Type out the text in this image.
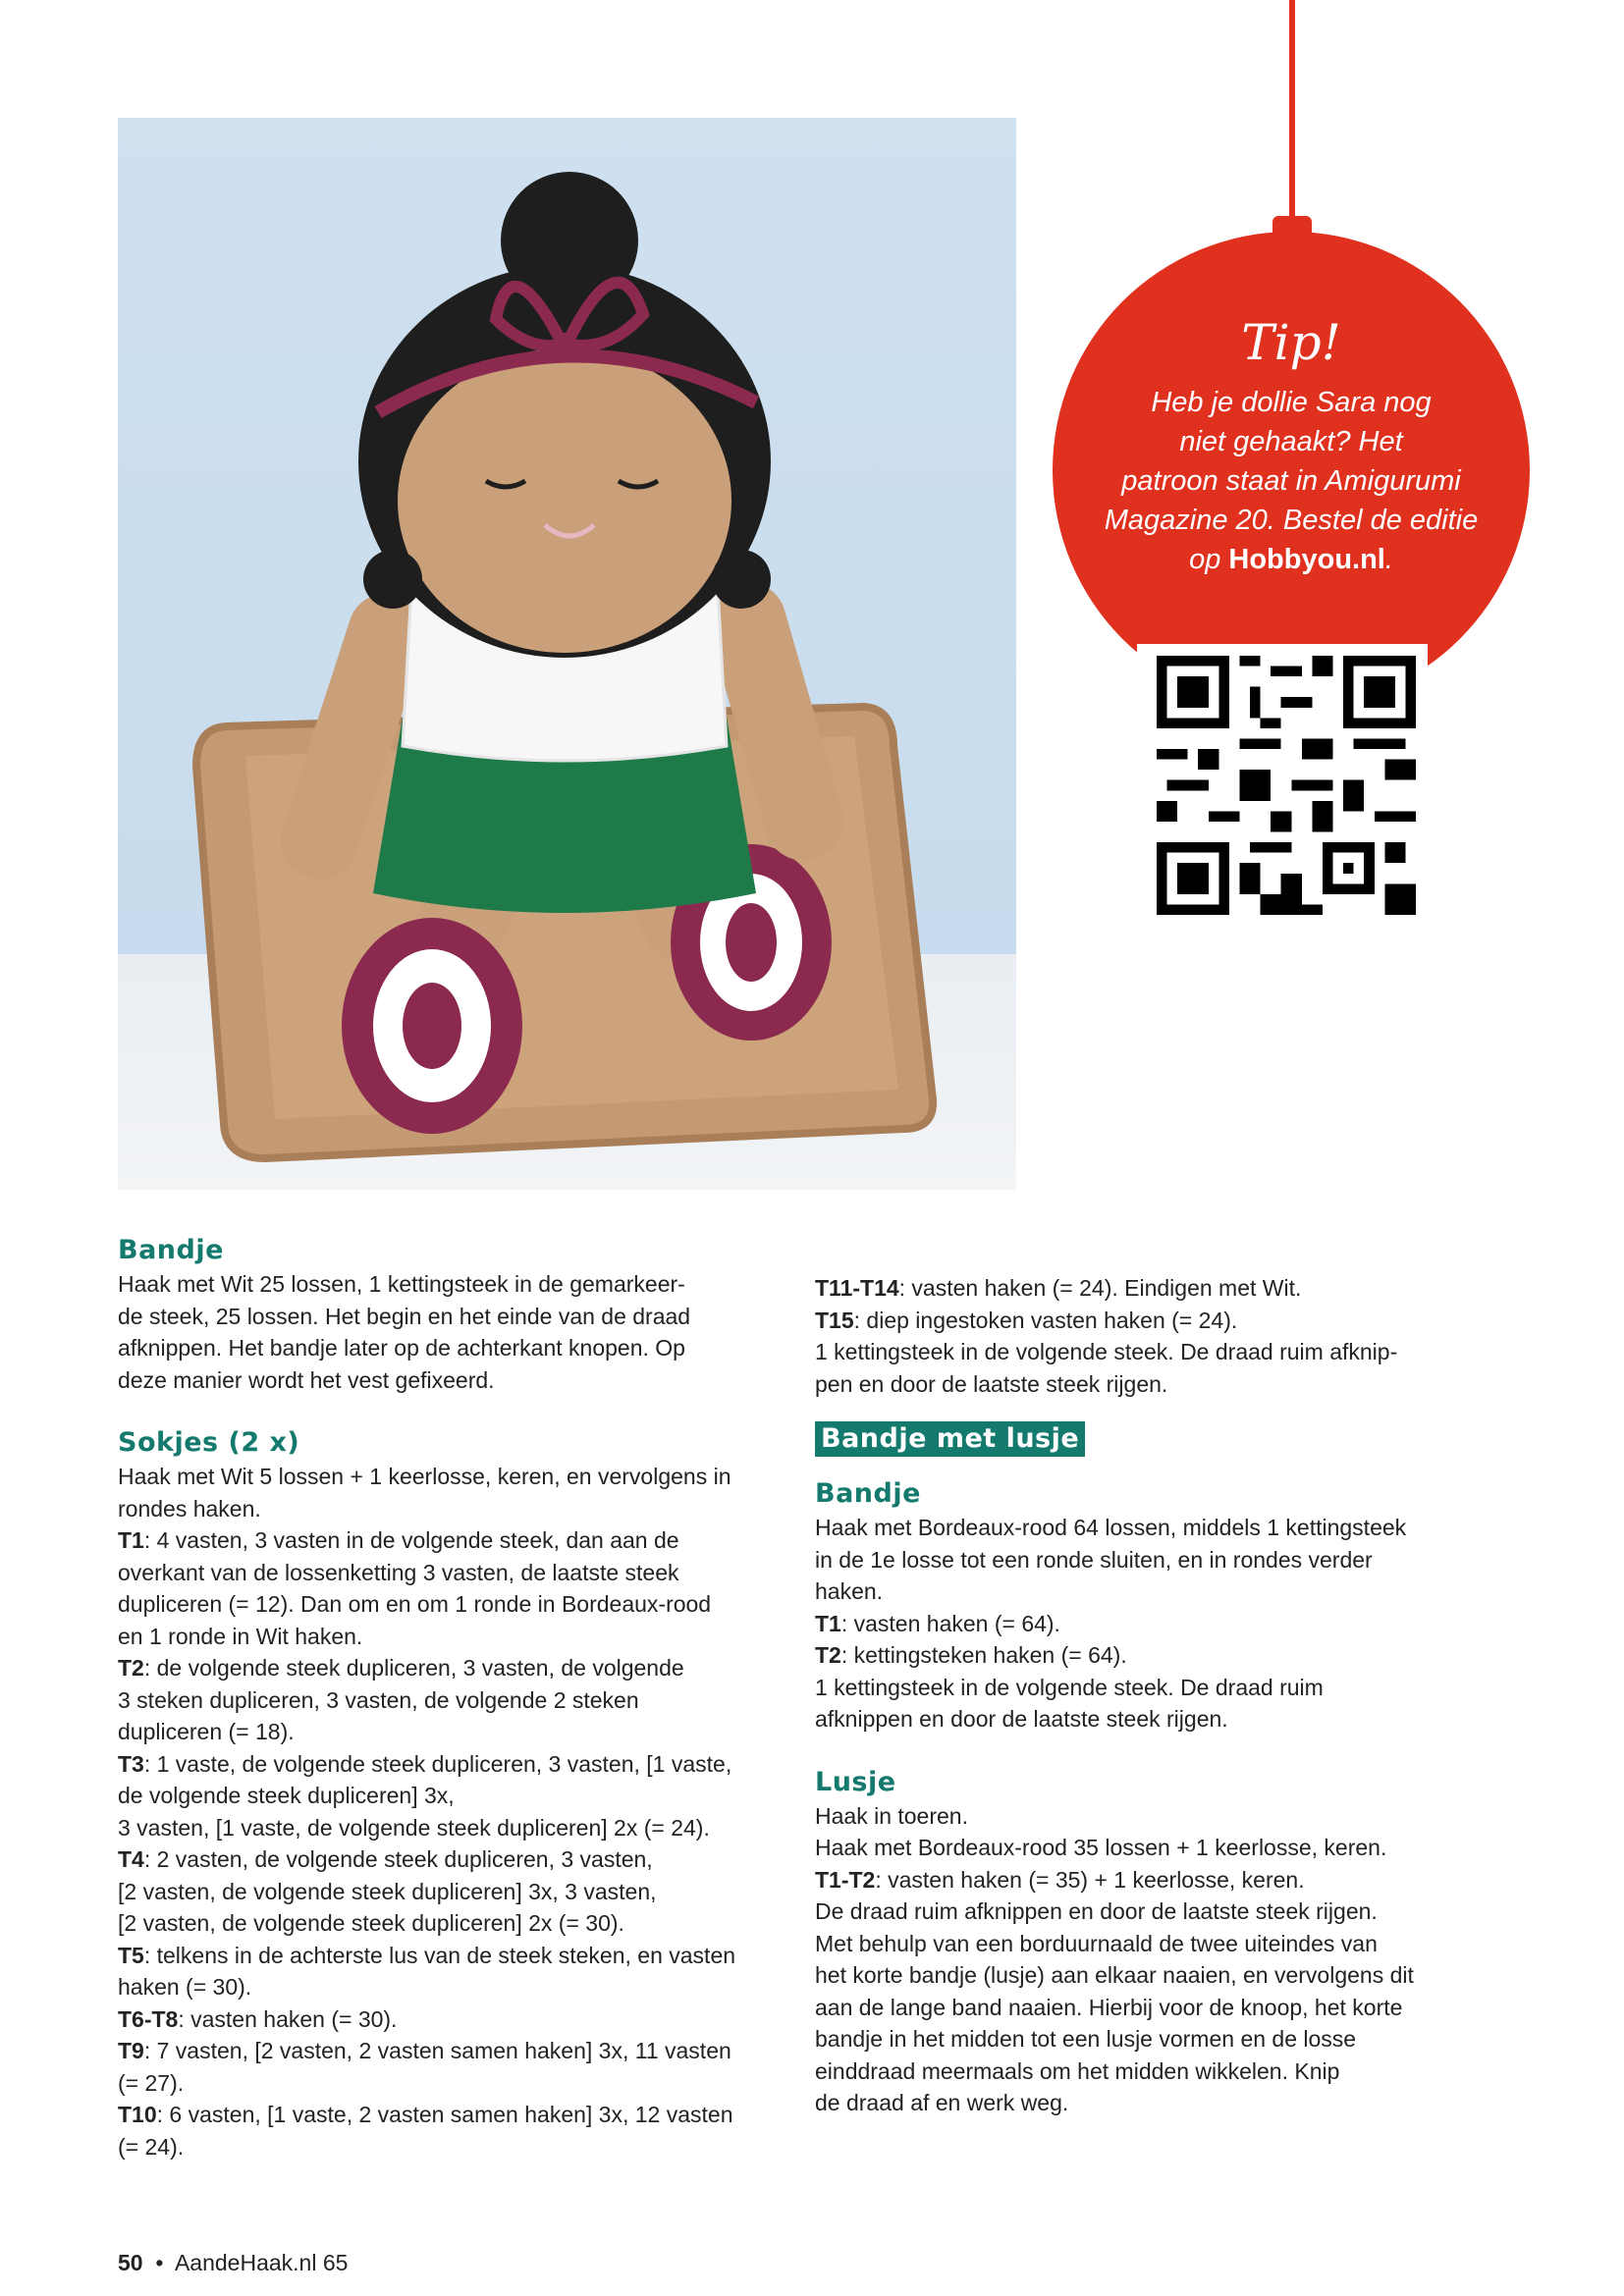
Tip!
Heb je dollie Sara nog
niet gehaakt? Het
patroon staat in Amigurumi
Magazine 20. Bestel de editie
op Hobbyou.nl.
Bandje

Haak met Wit 25 lossen, 1 kettingsteek in de gemarkeer-

de steek, 25 lossen. Het begin en het einde van de draad

afknippen. Het bandje later op de achterkant knopen. Op

deze manier wordt het vest gefixeerd.

Sokjes (2 x)

Haak met Wit 5 lossen + 1 keerlosse, keren, en vervolgens in

rondes haken.

T1: 4 vasten, 3 vasten in de volgende steek, dan aan de

overkant van de lossenketting 3 vasten, de laatste steek

dupliceren (= 12). Dan om en om 1 ronde in Bordeaux-rood

en 1 ronde in Wit haken.

T2: de volgende steek dupliceren, 3 vasten, de volgende

3 steken dupliceren, 3 vasten, de volgende 2 steken

dupliceren (= 18).

T3: 1 vaste, de volgende steek dupliceren, 3 vasten, [1 vaste,

de volgende steek dupliceren] 3x,

3 vasten, [1 vaste, de volgende steek dupliceren] 2x (= 24).

T4: 2 vasten, de volgende steek dupliceren, 3 vasten,

[2 vasten, de volgende steek dupliceren] 3x, 3 vasten,

[2 vasten, de volgende steek dupliceren] 2x (= 30).

T5: telkens in de achterste lus van de steek steken, en vasten

haken (= 30).

T6-T8: vasten haken (= 30).

T9: 7 vasten, [2 vasten, 2 vasten samen haken] 3x, 11 vasten

(= 27).

T10: 6 vasten, [1 vaste, 2 vasten samen haken] 3x, 12 vasten

(= 24).

T11-T14: vasten haken (= 24). Eindigen met Wit.

T15: diep ingestoken vasten haken (= 24).

1 kettingsteek in de volgende steek. De draad ruim afknip-

pen en door de laatste steek rijgen.

Bandje met lusje
Bandje

Haak met Bordeaux-rood 64 lossen, middels 1 kettingsteek

in de 1e losse tot een ronde sluiten, en in rondes verder

haken.

T1: vasten haken (= 64).

T2: kettingsteken haken (= 64).

1 kettingsteek in de volgende steek. De draad ruim

afknippen en door de laatste steek rijgen.

Lusje

Haak in toeren.

Haak met Bordeaux-rood 35 lossen + 1 keerlosse, keren.

T1-T2: vasten haken (= 35) + 1 keerlosse, keren.

De draad ruim afknippen en door de laatste steek rijgen.

Met behulp van een borduurnaald de twee uiteindes van

het korte bandje (lusje) aan elkaar naaien, en vervolgens dit

aan de lange band naaien. Hierbij voor de knoop, het korte

bandje in het midden tot een lusje vormen en de losse

einddraad meermaals om het midden wikkelen. Knip

de draad af en werk weg.

50 • AandeHaak.nl 65
